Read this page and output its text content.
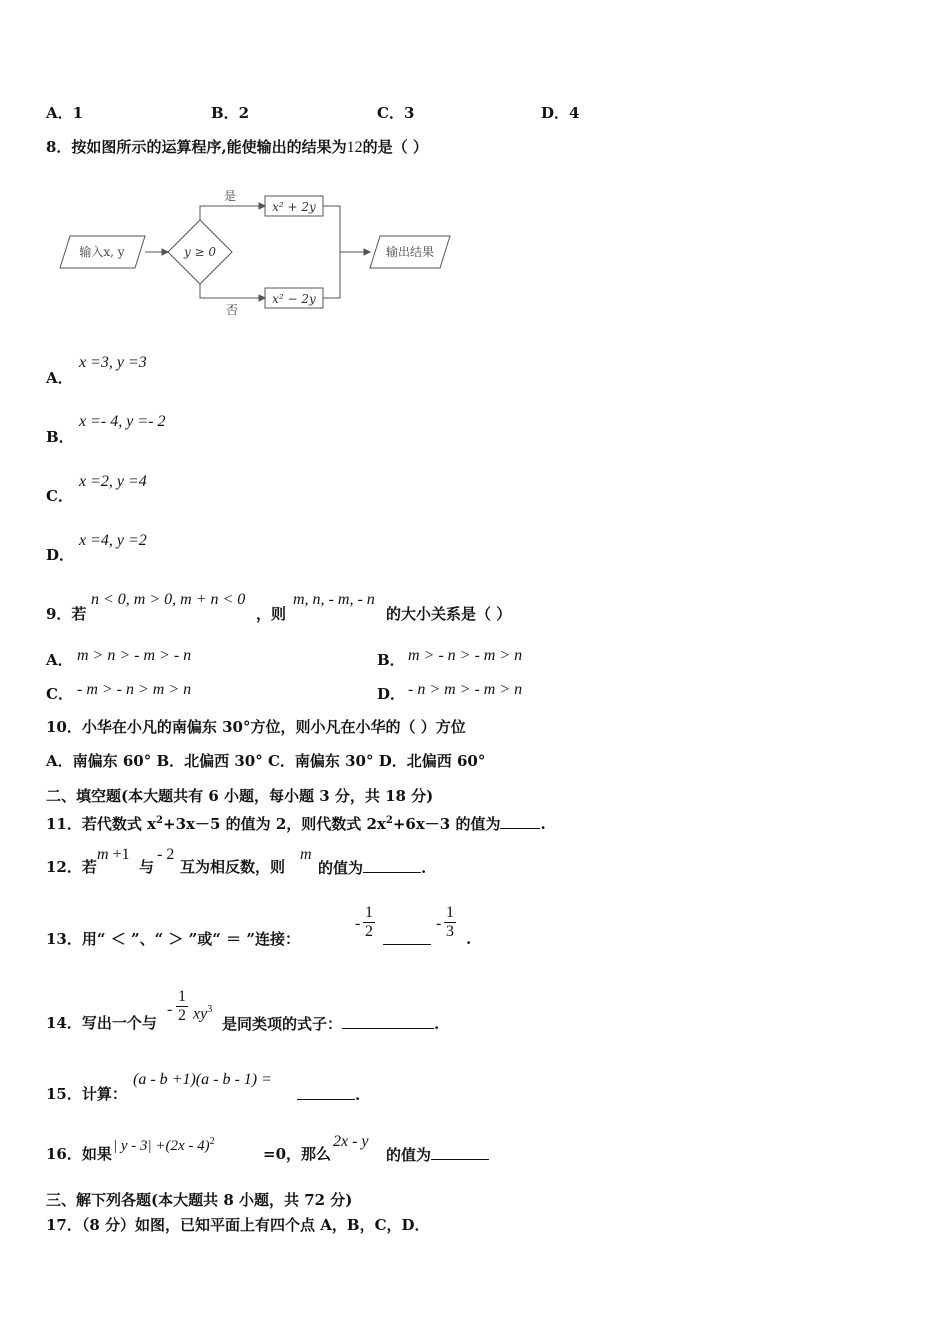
A．1	B．2	C．3	D．4
8．按如图所示的运算程序,能使输出的结果为12的是（ ）
输入x, y	y ≥ 0
是
否
x² + 2y
x² − 2y
输出结果
A．
x =3, y =3
B．
x =- 4, y =- 2
C．
x =2, y =4
D．
x =4, y =2
9．若
n < 0, m > 0, m + n < 0
，则
m, n, - m, - n
的大小关系是（ ）
A． m > n > - m > - n	B． m > - n > - m > n
C． - m > - n > m > n	D． - n > m > - m > n
10．小华在小凡的南偏东 30°方位，则小凡在小华的（ ）方位
A．南偏东 60° B．北偏西 30° C．南偏东 30° D．北偏西 60°
二、填空题(本大题共有 6 小题，每小题 3 分，共 18 分)
11．若代数式 $x^2+3x-5$ 的值为 2，则代数式 $2x^2+6x-3$ 的值为	.
12．若
m +1
与
- 2
互为相反数，则
m
的值为	.
13．用“ ＜ ”、“ ＞ ”或“ ＝ ”连接：
- $\frac{1}{2}$	- $\frac{1}{3}$ .
14．写出一个与
- $\frac{1}{2} xy^3$
是同类项的式子：	.
15．计算：
(a - b +1)(a - b - 1) =
.
16．如果 | y - 3| +(2x - 4)$^2$
=0，那么
2x - y
的值为
三、解下列各题(本大题共 8 小题，共 72 分)
17．（8 分）如图，已知平面上有四个点 A，B，C，D．
